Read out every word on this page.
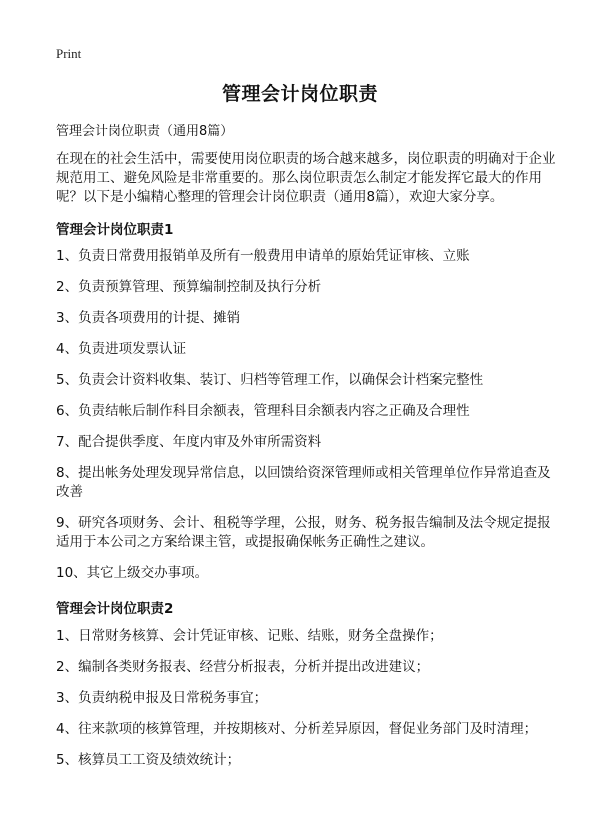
Print
管理会计岗位职责
管理会计岗位职责（通用8篇）
在现在的社会生活中，需要使用岗位职责的场合越来越多，岗位职责的明确对于企业规范用工、避免风险是非常重要的。那么岗位职责怎么制定才能发挥它最大的作用呢？以下是小编精心整理的管理会计岗位职责（通用8篇），欢迎大家分享。
管理会计岗位职责1
1、负责日常费用报销单及所有一般费用申请单的原始凭证审核、立账
2、负责预算管理、预算编制控制及执行分析
3、负责各项费用的计提、摊销
4、负责进项发票认证
5、负责会计资料收集、装订、归档等管理工作，以确保会计档案完整性
6、负责结帐后制作科目余额表，管理科目余额表内容之正确及合理性
7、配合提供季度、年度内审及外审所需资料
8、提出帐务处理发现异常信息，以回馈给资深管理师或相关管理单位作异常追查及改善
9、研究各项财务、会计、租税等学理，公报，财务、税务报告编制及法令规定提报适用于本公司之方案给课主管，或提报确保帐务正确性之建议。
10、其它上级交办事项。
管理会计岗位职责2
1、日常财务核算、会计凭证审核、记账、结账，财务全盘操作；
2、编制各类财务报表、经营分析报表，分析并提出改进建议；
3、负责纳税申报及日常税务事宜；
4、往来款项的核算管理，并按期核对、分析差异原因，督促业务部门及时清理；
5、核算员工工资及绩效统计；
